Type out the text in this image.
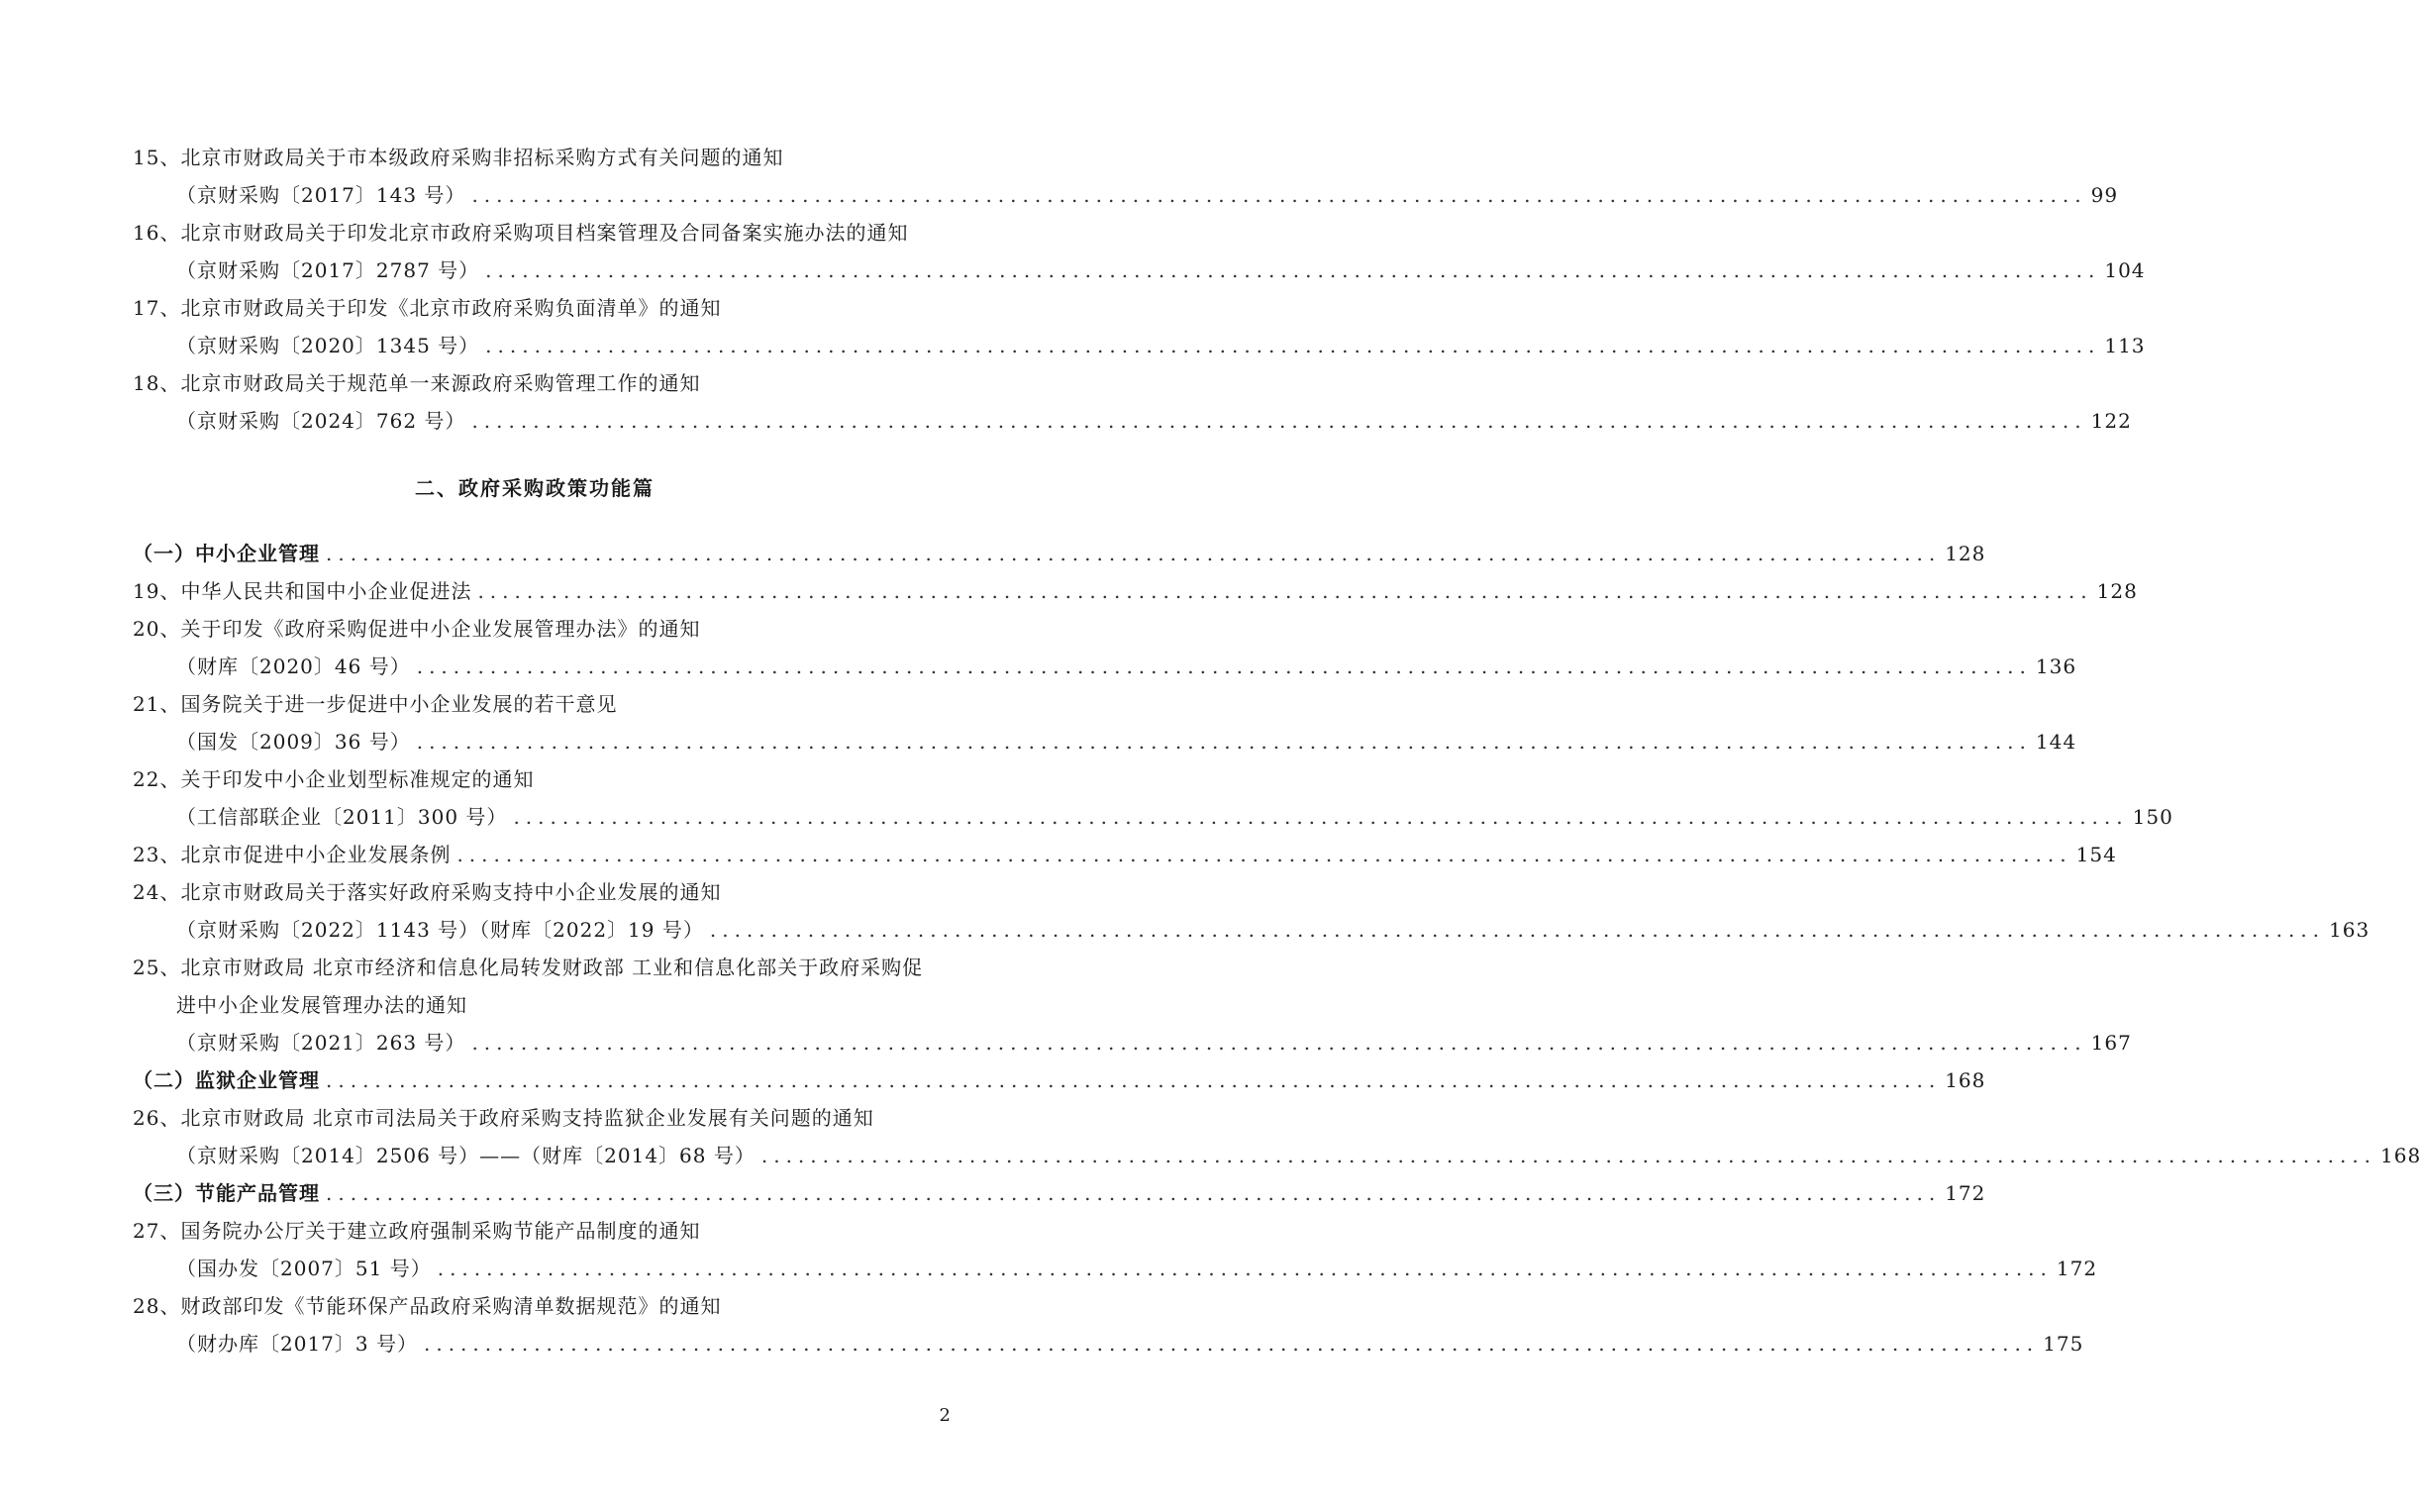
15、北京市财政局关于市本级政府采购非招标采购方式有关问题的通知
（京财采购〔2017〕143 号） .................................................................................................................................... 99
16、北京市财政局关于印发北京市政府采购项目档案管理及合同备案实施办法的通知
（京财采购〔2017〕2787 号） .................................................................................................................................... 104
17、北京市财政局关于印发《北京市政府采购负面清单》的通知
（京财采购〔2020〕1345 号） .................................................................................................................................... 113
18、北京市财政局关于规范单一来源政府采购管理工作的通知
（京财采购〔2024〕762 号） .................................................................................................................................... 122
二、政府采购政策功能篇
（一）中小企业管理 .................................................................................................................................... 128
19、中华人民共和国中小企业促进法 .................................................................................................................................... 128
20、关于印发《政府采购促进中小企业发展管理办法》的通知
（财库〔2020〕46 号） .................................................................................................................................... 136
21、国务院关于进一步促进中小企业发展的若干意见
（国发〔2009〕36 号） .................................................................................................................................... 144
22、关于印发中小企业划型标准规定的通知
（工信部联企业〔2011〕300 号） .................................................................................................................................... 150
23、北京市促进中小企业发展条例 .................................................................................................................................... 154
24、北京市财政局关于落实好政府采购支持中小企业发展的通知
（京财采购〔2022〕1143 号）（财库〔2022〕19 号） .................................................................................................................................... 163
25、北京市财政局 北京市经济和信息化局转发财政部 工业和信息化部关于政府采购促
进中小企业发展管理办法的通知
（京财采购〔2021〕263 号） .................................................................................................................................... 167
（二）监狱企业管理 .................................................................................................................................... 168
26、北京市财政局 北京市司法局关于政府采购支持监狱企业发展有关问题的通知
（京财采购〔2014〕2506 号）——（财库〔2014〕68 号） .................................................................................................................................... 168
（三）节能产品管理 .................................................................................................................................... 172
27、国务院办公厅关于建立政府强制采购节能产品制度的通知
（国办发〔2007〕51 号） .................................................................................................................................... 172
28、财政部印发《节能环保产品政府采购清单数据规范》的通知
（财办库〔2017〕3 号） .................................................................................................................................... 175
2
